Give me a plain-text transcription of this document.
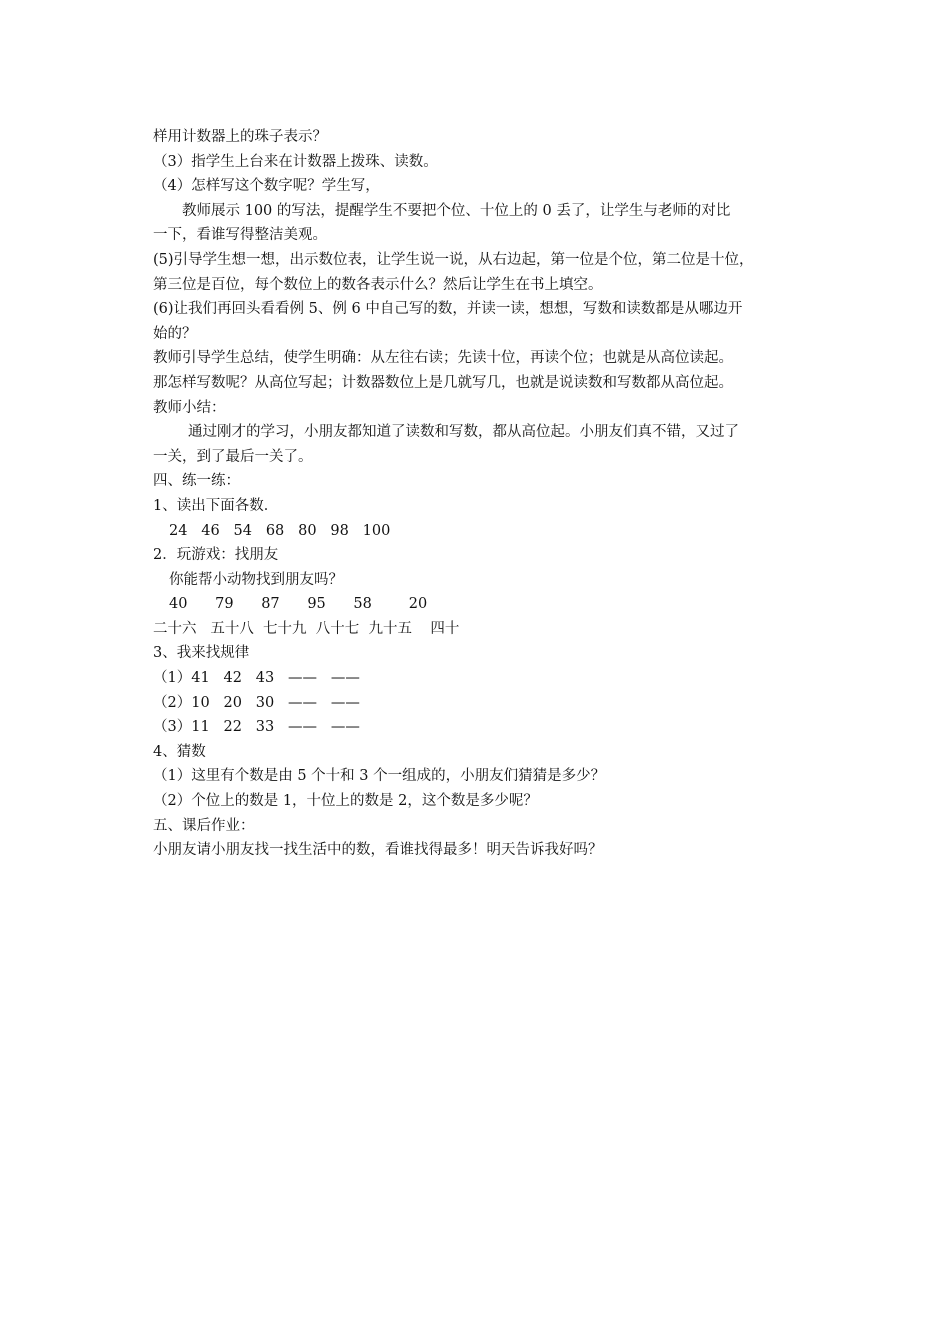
样用计数器上的珠子表示？
（3）指学生上台来在计数器上拨珠、读数。
（4）怎样写这个数字呢？学生写，
教师展示 100 的写法，提醒学生不要把个位、十位上的 0 丢了，让学生与老师的对比
一下，看谁写得整洁美观。
(5)引导学生想一想，出示数位表，让学生说一说，从右边起，第一位是个位，第二位是十位，
第三位是百位，每个数位上的数各表示什么？然后让学生在书上填空。
(6)让我们再回头看看例 5、例 6 中自己写的数，并读一读，想想，写数和读数都是从哪边开
始的？
教师引导学生总结，使学生明确：从左往右读；先读十位，再读个位；也就是从高位读起。
那怎样写数呢？从高位写起；计数器数位上是几就写几，也就是说读数和写数都从高位起。
教师小结：
通过刚才的学习，小朋友都知道了读数和写数，都从高位起。小朋友们真不错，又过了
一关，到了最后一关了。
四、练一练：
1、读出下面各数．
24   46   54   68   80   98   100
2．玩游戏：找朋友
你能帮小动物找到朋友吗？
40      79      87      95      58        20
二十六   五十八  七十九  八十七  九十五    四十
3、我来找规律
（1）41   42   43   ——   ——
（2）10   20   30   ——   ——
（3）11   22   33   ——   ——
4、猜数
（1）这里有个数是由 5 个十和 3 个一组成的，小朋友们猜猜是多少？
（2）个位上的数是 1，十位上的数是 2，这个数是多少呢？
五、课后作业：
小朋友请小朋友找一找生活中的数，看谁找得最多！明天告诉我好吗？
